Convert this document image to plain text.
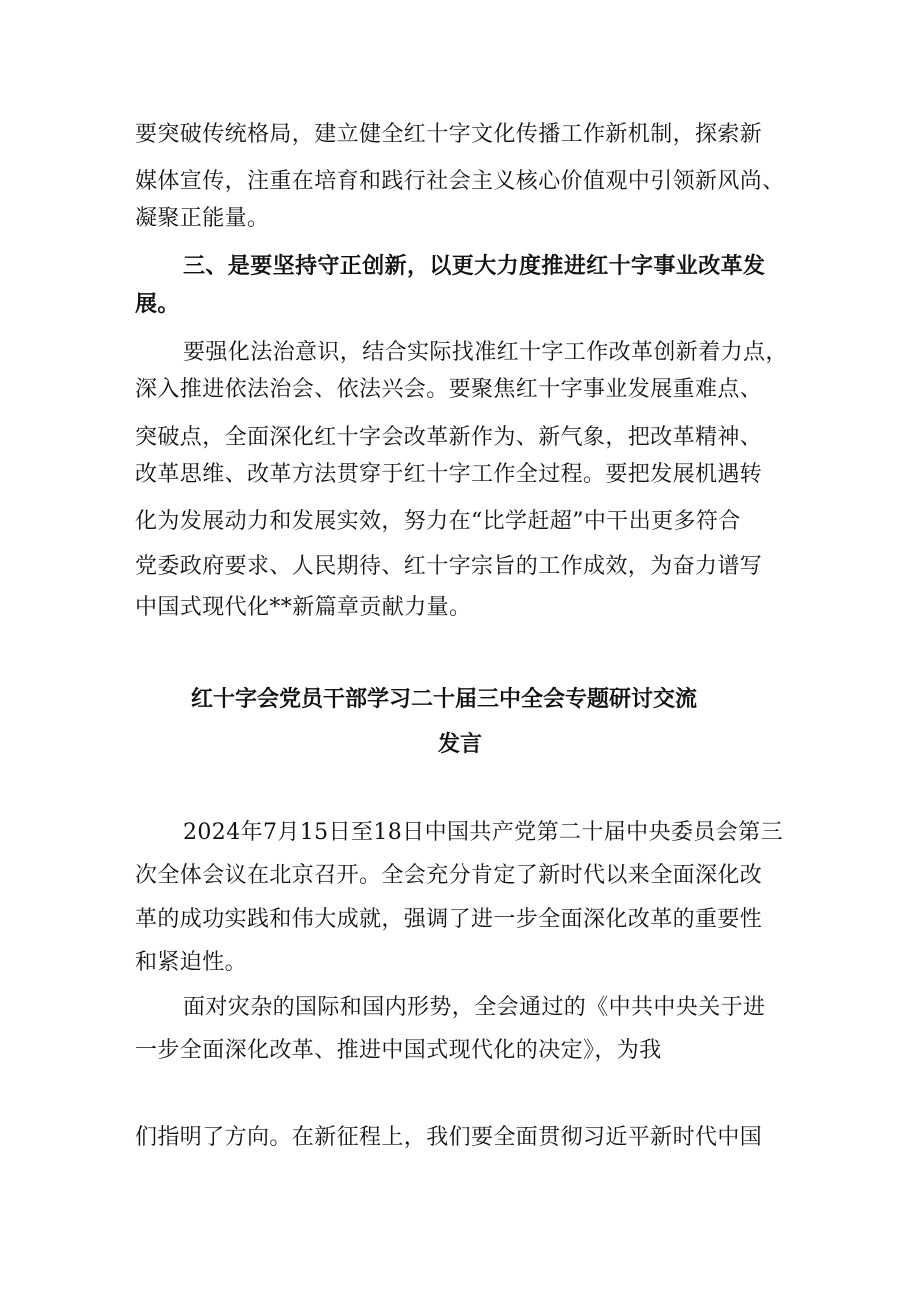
要突破传统格局，建立健全红十字文化传播工作新机制，探索新
媒体宣传，注重在培育和践行社会主义核心价值观中引领新风尚、
凝聚正能量。
三、是要坚持守正创新，以更大力度推进红十字事业改革发
展。
要强化法治意识，结合实际找准红十字工作改革创新着力点，
深入推进依法治会、依法兴会。要聚焦红十字事业发展重难点、
突破点，全面深化红十字会改革新作为、新气象，把改革精神、
改革思维、改革方法贯穿于红十字工作全过程。要把发展机遇转
化为发展动力和发展实效，努力在“比学赶超”中干出更多符合
党委政府要求、人民期待、红十字宗旨的工作成效，为奋力谱写
中国式现代化**新篇章贡献力量。
红十字会党员干部学习二十届三中全会专题研讨交流
发言
2024年7月15日至18日中国共产党第二十届中央委员会第三
次全体会议在北京召开。全会充分肯定了新时代以来全面深化改
革的成功实践和伟大成就，强调了进一步全面深化改革的重要性
和紧迫性。
面对灾杂的国际和国内形势，全会通过的《中共中央关于进
一步全面深化改革、推进中国式现代化的决定》，为我
们指明了方向。在新征程上，我们要全面贯彻习近平新时代中国
